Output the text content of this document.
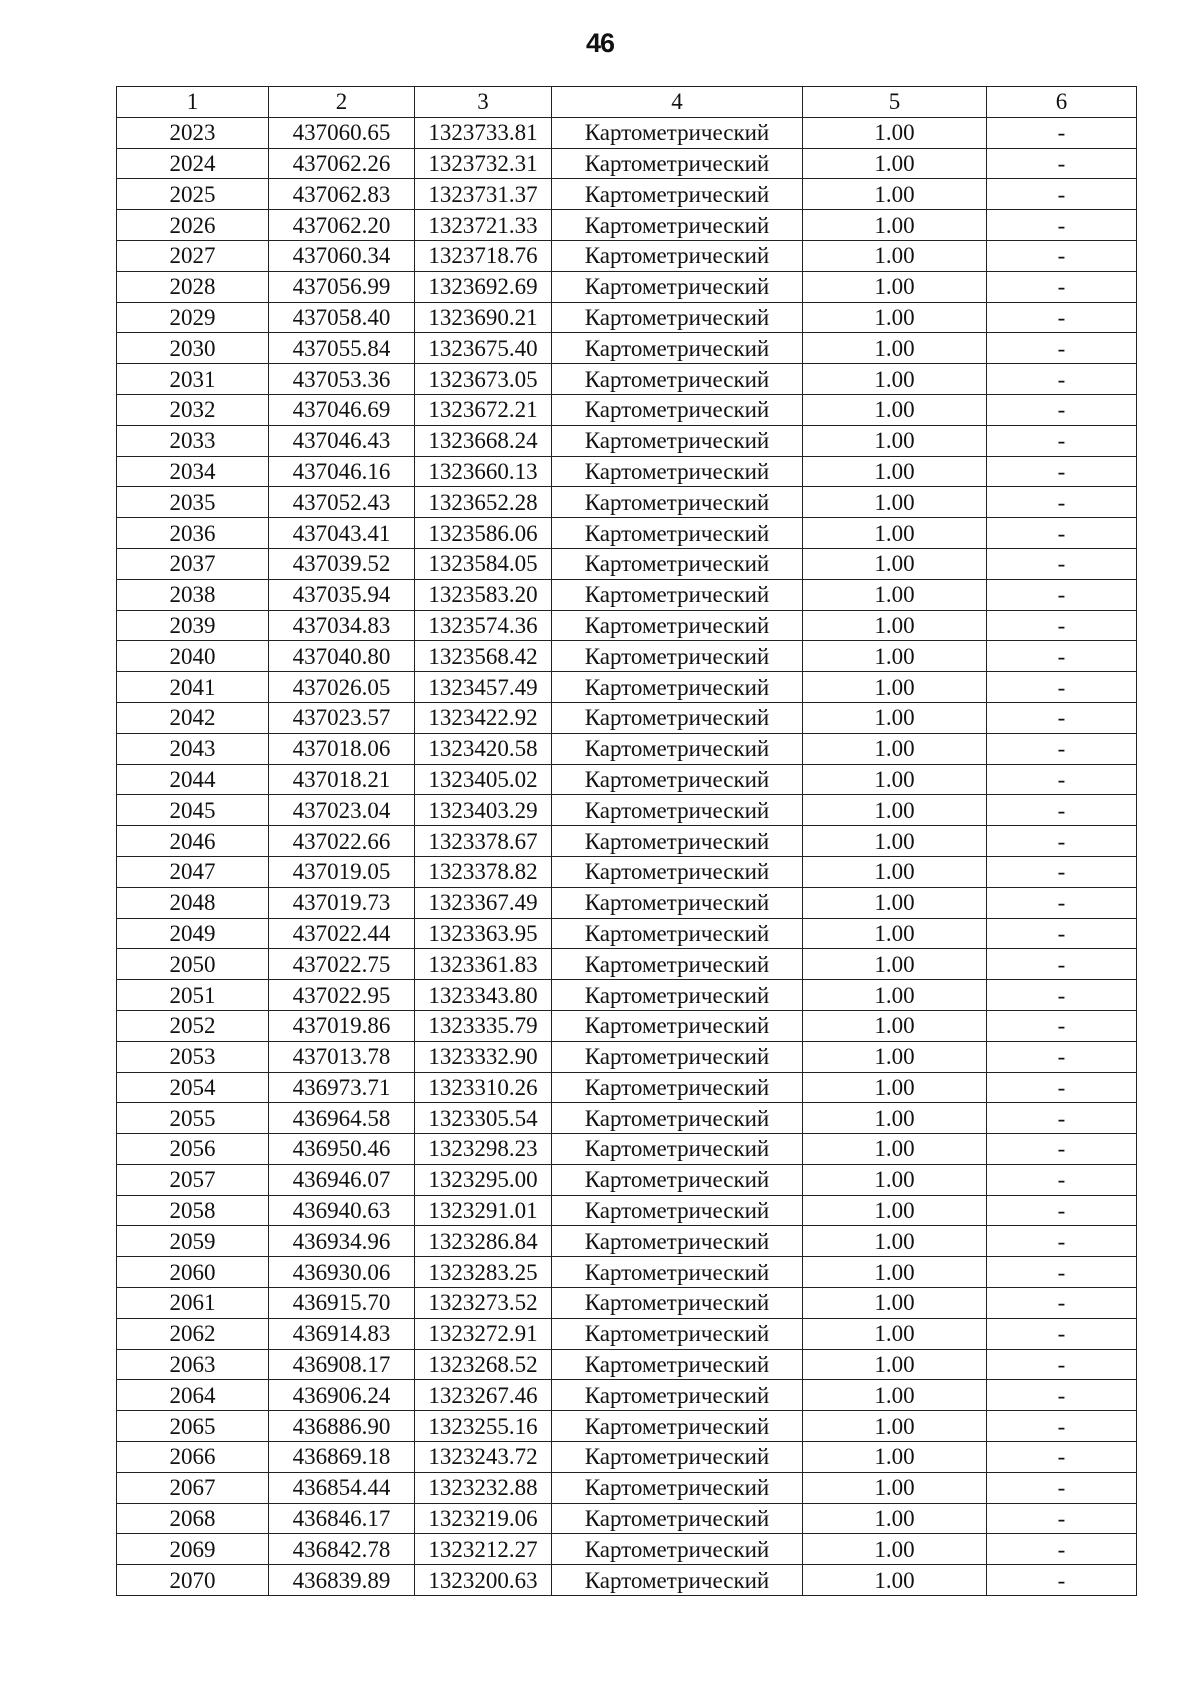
46
1	2	3	4	5	6
2023	437060.65	1323733.81	Картометрический	1.00	-
2024	437062.26	1323732.31	Картометрический	1.00	-
2025	437062.83	1323731.37	Картометрический	1.00	-
2026	437062.20	1323721.33	Картометрический	1.00	-
2027	437060.34	1323718.76	Картометрический	1.00	-
2028	437056.99	1323692.69	Картометрический	1.00	-
2029	437058.40	1323690.21	Картометрический	1.00	-
2030	437055.84	1323675.40	Картометрический	1.00	-
2031	437053.36	1323673.05	Картометрический	1.00	-
2032	437046.69	1323672.21	Картометрический	1.00	-
2033	437046.43	1323668.24	Картометрический	1.00	-
2034	437046.16	1323660.13	Картометрический	1.00	-
2035	437052.43	1323652.28	Картометрический	1.00	-
2036	437043.41	1323586.06	Картометрический	1.00	-
2037	437039.52	1323584.05	Картометрический	1.00	-
2038	437035.94	1323583.20	Картометрический	1.00	-
2039	437034.83	1323574.36	Картометрический	1.00	-
2040	437040.80	1323568.42	Картометрический	1.00	-
2041	437026.05	1323457.49	Картометрический	1.00	-
2042	437023.57	1323422.92	Картометрический	1.00	-
2043	437018.06	1323420.58	Картометрический	1.00	-
2044	437018.21	1323405.02	Картометрический	1.00	-
2045	437023.04	1323403.29	Картометрический	1.00	-
2046	437022.66	1323378.67	Картометрический	1.00	-
2047	437019.05	1323378.82	Картометрический	1.00	-
2048	437019.73	1323367.49	Картометрический	1.00	-
2049	437022.44	1323363.95	Картометрический	1.00	-
2050	437022.75	1323361.83	Картометрический	1.00	-
2051	437022.95	1323343.80	Картометрический	1.00	-
2052	437019.86	1323335.79	Картометрический	1.00	-
2053	437013.78	1323332.90	Картометрический	1.00	-
2054	436973.71	1323310.26	Картометрический	1.00	-
2055	436964.58	1323305.54	Картометрический	1.00	-
2056	436950.46	1323298.23	Картометрический	1.00	-
2057	436946.07	1323295.00	Картометрический	1.00	-
2058	436940.63	1323291.01	Картометрический	1.00	-
2059	436934.96	1323286.84	Картометрический	1.00	-
2060	436930.06	1323283.25	Картометрический	1.00	-
2061	436915.70	1323273.52	Картометрический	1.00	-
2062	436914.83	1323272.91	Картометрический	1.00	-
2063	436908.17	1323268.52	Картометрический	1.00	-
2064	436906.24	1323267.46	Картометрический	1.00	-
2065	436886.90	1323255.16	Картометрический	1.00	-
2066	436869.18	1323243.72	Картометрический	1.00	-
2067	436854.44	1323232.88	Картометрический	1.00	-
2068	436846.17	1323219.06	Картометрический	1.00	-
2069	436842.78	1323212.27	Картометрический	1.00	-
2070	436839.89	1323200.63	Картометрический	1.00	-
